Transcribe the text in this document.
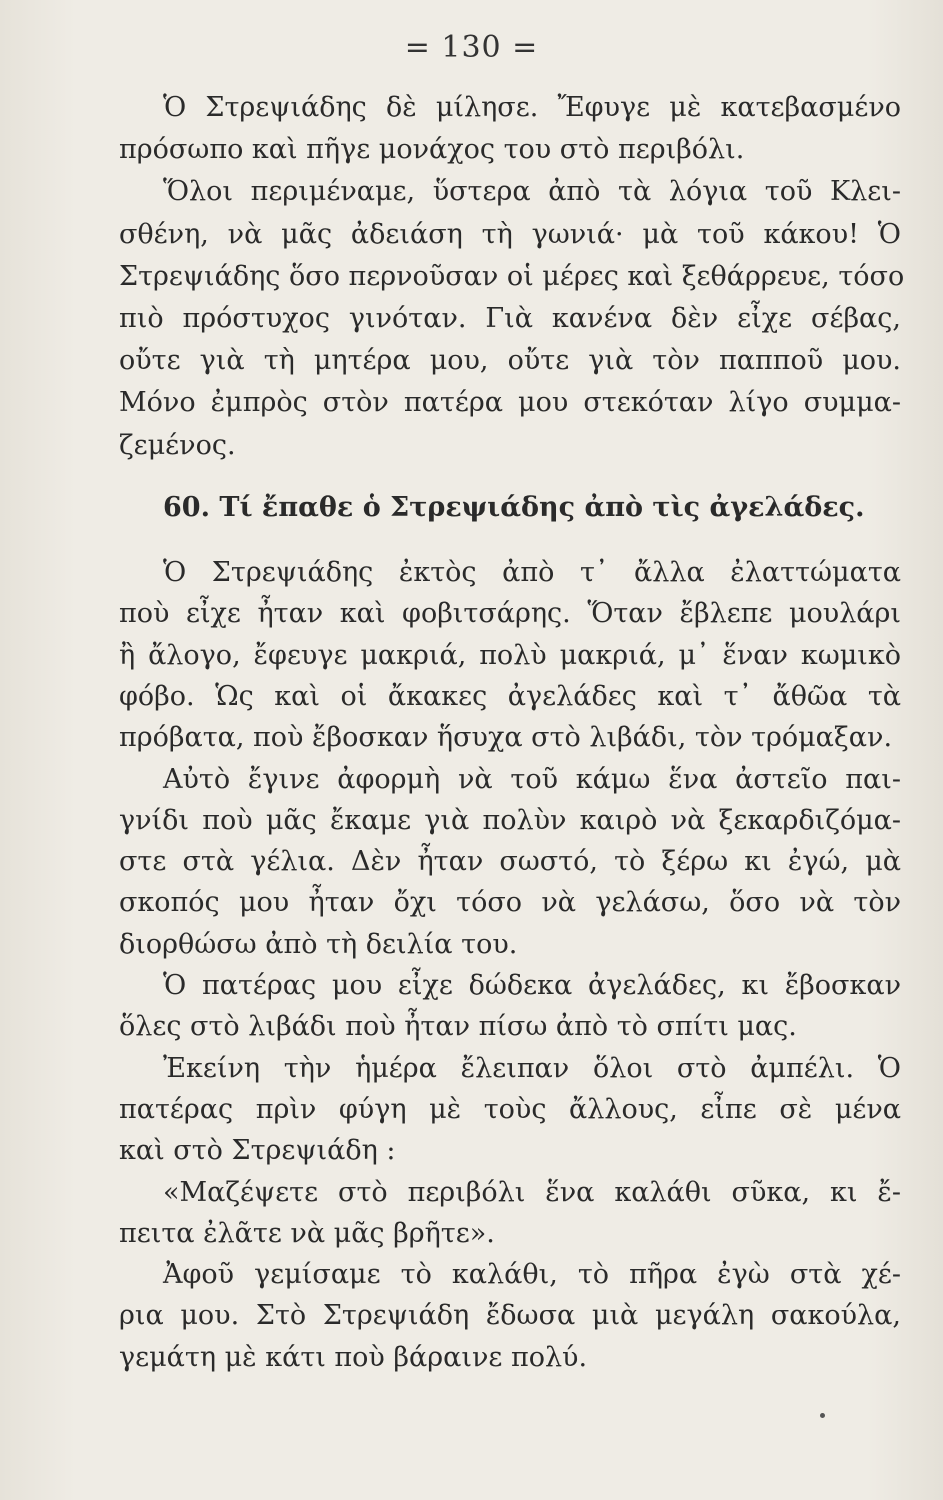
= 130 =
Ὁ Στρεψιάδης δὲ μίλησε. Ἔφυγε μὲ κατεβασμένο
πρόσωπο καὶ πῆγε μονάχος του στὸ περιβόλι.
Ὅλοι περιμέναμε, ὕστερα ἀπὸ τὰ λόγια τοῦ Κλει-
σθένη, νὰ μᾶς ἀδειάση τὴ γωνιά· μὰ τοῦ κάκου! Ὁ
Στρεψιάδης ὅσο περνοῦσαν οἱ μέρες καὶ ξεθάρρευε, τόσο
πιὸ πρόστυχος γινόταν. Γιὰ κανένα δὲν εἶχε σέβας,
οὔτε γιὰ τὴ μητέρα μου, οὔτε γιὰ τὸν παπποῦ μου.
Μόνο ἐμπρὸς στὸν πατέρα μου στεκόταν λίγο συμμα-
ζεμένος.
60. Τί ἔπαθε ὁ Στρεψιάδης ἀπὸ τὶς ἀγελάδες.
Ὁ Στρεψιάδης ἐκτὸς ἀπὸ τ᾽ ἄλλα ἐλαττώματα
ποὺ εἶχε ἦταν καὶ φοβιτσάρης. Ὅταν ἔβλεπε μουλάρι
ἢ ἄλογο, ἔφευγε μακριά, πολὺ μακριά, μ᾽ ἕναν κωμικὸ
φόβο. Ὡς καὶ οἱ ἄκακες ἀγελάδες καὶ τ᾽ ἄθῶα τὰ
πρόβατα, ποὺ ἔβοσκαν ἥσυχα στὸ λιβάδι, τὸν τρόμαξαν.
Αὐτὸ ἔγινε ἀφορμὴ νὰ τοῦ κάμω ἕνα ἀστεῖο παι-
γνίδι ποὺ μᾶς ἔκαμε γιὰ πολὺν καιρὸ νὰ ξεκαρδιζόμα-
στε στὰ γέλια. Δὲν ἦταν σωστό, τὸ ξέρω κι ἐγώ, μὰ
σκοπός μου ἦταν ὄχι τόσο νὰ γελάσω, ὅσο νὰ τὸν
διορθώσω ἀπὸ τὴ δειλία του.
Ὁ πατέρας μου εἶχε δώδεκα ἀγελάδες, κι ἔβοσκαν
ὅλες στὸ λιβάδι ποὺ ἦταν πίσω ἀπὸ τὸ σπίτι μας.
Ἐκείνη τὴν ἡμέρα ἔλειπαν ὅλοι στὸ ἀμπέλι. Ὁ
πατέρας πρὶν φύγη μὲ τοὺς ἄλλους, εἶπε σὲ μένα
καὶ στὸ Στρεψιάδη :
«Μαζέψετε στὸ περιβόλι ἕνα καλάθι σῦκα, κι ἔ-
πειτα ἐλᾶτε νὰ μᾶς βρῆτε».
Ἀφοῦ γεμίσαμε τὸ καλάθι, τὸ πῆρα ἐγὼ στὰ χέ-
ρια μου. Στὸ Στρεψιάδη ἔδωσα μιὰ μεγάλη σακούλα,
γεμάτη μὲ κάτι ποὺ βάραινε πολύ.
